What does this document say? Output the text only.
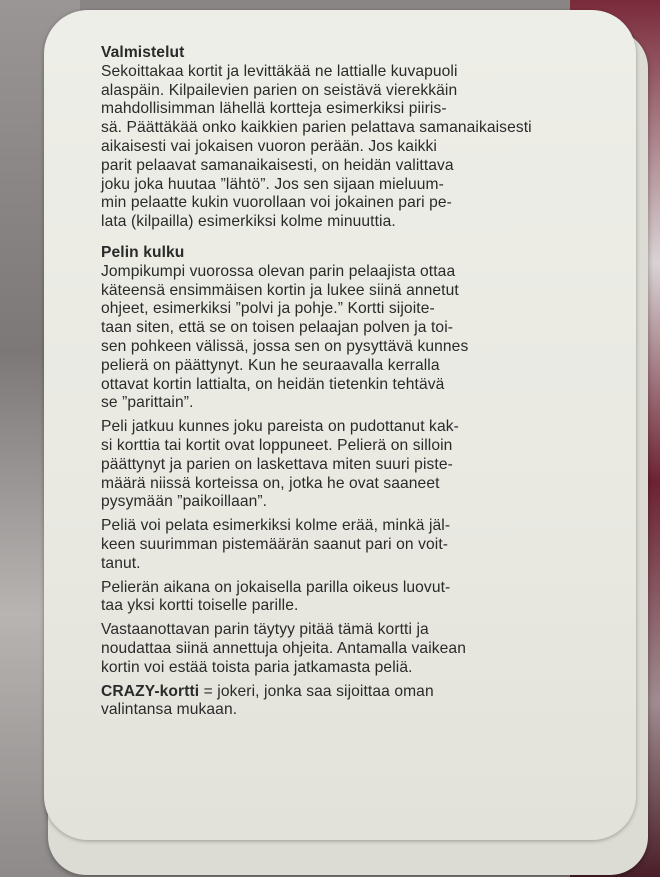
Valmistelut

Sekoittakaa kortit ja levittäkää ne lattialle kuvapuoli
alaspäin. Kilpailevien parien on seistävä vierekkäin
mahdollisimman lähellä kortteja esimerkiksi piiris-
sä. Päättäkää onko kaikkien parien pelattava samanaikaisesti
aikaisesti vai jokaisen vuoron perään. Jos kaikki
parit pelaavat samanaikaisesti, on heidän valittava
joku joka huutaa ”lähtö”. Jos sen sijaan mieluum-
min pelaatte kukin vuorollaan voi jokainen pari pe-
lata (kilpailla) esimerkiksi kolme minuuttia.

Pelin kulku

Jompikumpi vuorossa olevan parin pelaajista ottaa
käteensä ensimmäisen kortin ja lukee siinä annetut
ohjeet, esimerkiksi ”polvi ja pohje.” Kortti sijoite-
taan siten, että se on toisen pelaajan polven ja toi-
sen pohkeen välissä, jossa sen on pysyttävä kunnes
pelierä on päättynyt. Kun he seuraavalla kerralla
ottavat kortin lattialta, on heidän tietenkin tehtävä
se ”parittain”.

Peli jatkuu kunnes joku pareista on pudottanut kak-
si korttia tai kortit ovat loppuneet. Pelierä on silloin
päättynyt ja parien on laskettava miten suuri piste-
määrä niissä korteissa on, jotka he ovat saaneet
pysymään ”paikoillaan”.

Peliä voi pelata esimerkiksi kolme erää, minkä jäl-
keen suurimman pistemäärän saanut pari on voit-
tanut.

Pelierän aikana on jokaisella parilla oikeus luovut-
taa yksi kortti toiselle parille.

Vastaanottavan parin täytyy pitää tämä kortti ja
noudattaa siinä annettuja ohjeita. Antamalla vaikean
kortin voi estää toista paria jatkamasta peliä.

CRAZY-kortti = jokeri, jonka saa sijoittaa oman
valintansa mukaan.
